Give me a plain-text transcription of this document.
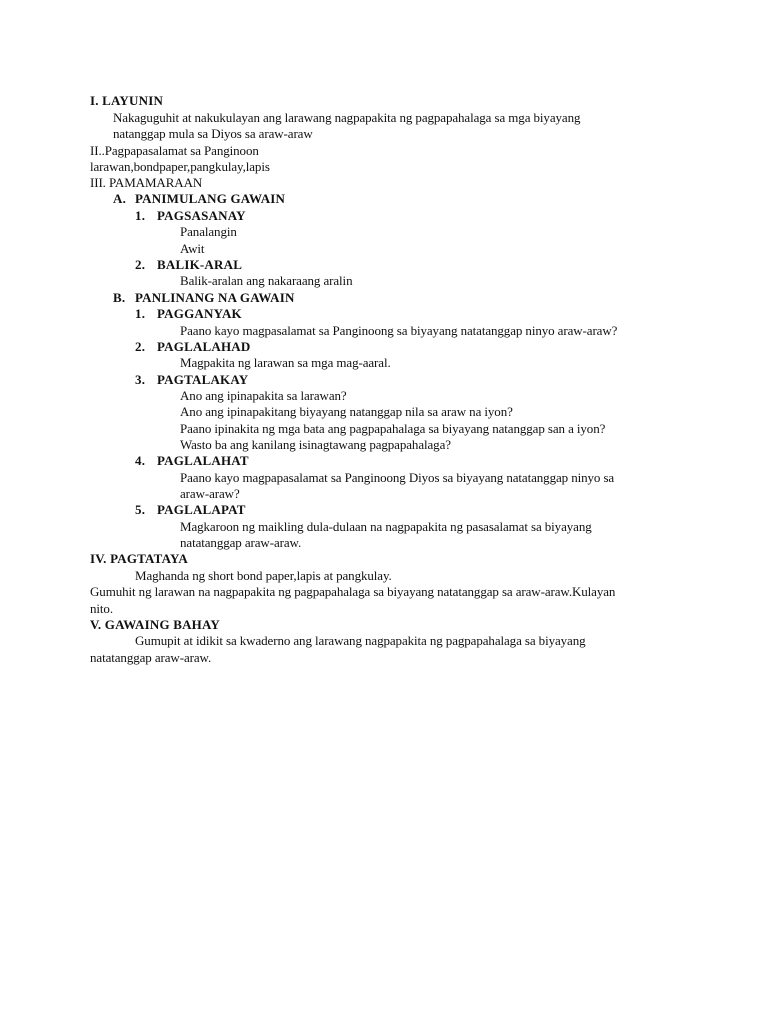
I. LAYUNIN
Nakaguguhit at nakukulayan ang larawang nagpapakita ng pagpapahalaga sa mga biyayang
natanggap mula sa Diyos sa araw-araw
II..Pagpapasalamat sa Panginoon
larawan,bondpaper,pangkulay,lapis
III. PAMAMARAAN
A. PANIMULANG GAWAIN
1. PAGSASANAY
Panalangin
Awit
2. BALIK-ARAL
Balik-aralan ang nakaraang aralin
B. PANLINANG NA GAWAIN
1. PAGGANYAK
Paano kayo magpasalamat sa Panginoong sa biyayang natatanggap ninyo araw-araw?
2. PAGLALAHAD
Magpakita ng larawan sa mga mag-aaral.
3. PAGTALAKAY
Ano ang ipinapakita sa larawan?
Ano ang ipinapakitang biyayang natanggap nila sa araw na iyon?
Paano ipinakita ng mga bata ang pagpapahalaga sa biyayang natanggap san a iyon?
Wasto ba ang kanilang isinagtawang pagpapahalaga?
4. PAGLALAHAT
Paano kayo magpapasalamat sa Panginoong Diyos sa biyayang natatanggap ninyo sa
araw-araw?
5. PAGLALAPAT
Magkaroon ng maikling dula-dulaan na nagpapakita ng pasasalamat sa biyayang
natatanggap araw-araw.
IV. PAGTATAYA
Maghanda ng short bond paper,lapis at pangkulay.
Gumuhit ng larawan na nagpapakita ng pagpapahalaga sa biyayang natatanggap sa araw-araw.Kulayan
nito.
V. GAWAING BAHAY
Gumupit at idikit sa kwaderno ang larawang nagpapakita ng pagpapahalaga sa biyayang
natatanggap araw-araw.
